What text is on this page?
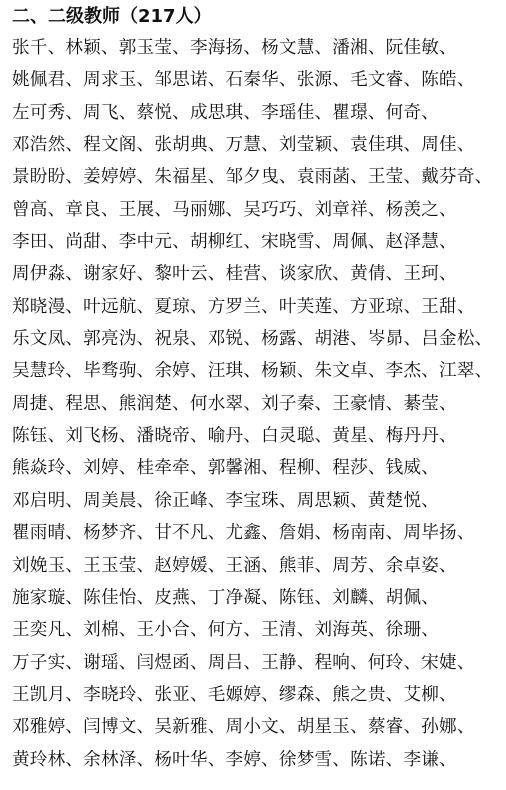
二、二级教师（217人）
张千、林颖、郭玉莹、李海扬、杨文慧、潘湘、阮佳敏、
姚佩君、周求玉、邹思诺、石秦华、张源、毛文睿、陈皓、
左可秀、周飞、蔡悦、成思琪、李瑶佳、瞿璟、何奇、
邓浩然、程文阁、张胡典、万慧、刘莹颖、袁佳琪、周佳、
景盼盼、姜婷婷、朱福星、邹夕曳、袁雨菡、王莹、戴芬奇、
曾高、章良、王展、马丽娜、吴巧巧、刘章祥、杨羡之、
李田、尚甜、李中元、胡柳红、宋晓雪、周佩、赵泽慧、
周伊淼、谢家好、黎叶云、桂营、谈家欣、黄倩、王珂、
郑晓漫、叶远航、夏琼、方罗兰、叶芙莲、方亚琼、王甜、
乐文凤、郭亮沩、祝泉、邓锐、杨露、胡港、岑昴、吕金松、
吴慧玲、毕骛驹、余婷、汪琪、杨颖、朱文卓、李杰、江翠、
周捷、程思、熊润楚、何水翠、刘子秦、王豪情、綦莹、
陈钰、刘飞杨、潘晓帝、喻丹、白灵聪、黄星、梅丹丹、
熊焱玲、刘婷、桂牵牵、郭馨湘、程柳、程莎、钱威、
邓启明、周美晨、徐正峰、李宝珠、周思颖、黄楚悦、
瞿雨晴、杨梦齐、甘不凡、尤鑫、詹娟、杨南南、周毕扬、
刘娩玉、王玉莹、赵婷媛、王涵、熊菲、周芳、余卓姿、
施家璇、陈佳怡、皮燕、丁净凝、陈钰、刘麟、胡佩、
王奕凡、刘棉、王小合、何方、王清、刘海英、徐珊、
万子实、谢瑶、闫煜函、周吕、王静、程响、何玲、宋婕、
王凯月、李晓玲、张亚、毛嫄婷、缪森、熊之贵、艾柳、
邓雅婷、闫博文、吴新雅、周小文、胡星玉、蔡睿、孙娜、
黄玲林、余林泽、杨叶华、李婷、徐梦雪、陈诺、李谦、
